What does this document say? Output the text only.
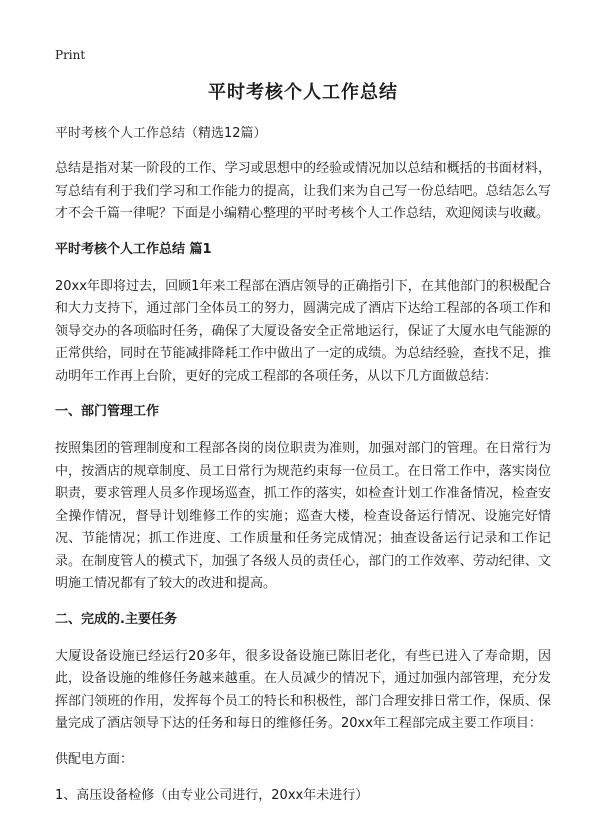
Print
平时考核个人工作总结
平时考核个人工作总结（精选12篇）
总结是指对某一阶段的工作、学习或思想中的经验或情况加以总结和概括的书面材料，写总结有利于我们学习和工作能力的提高，让我们来为自己写一份总结吧。总结怎么写才不会千篇一律呢？下面是小编精心整理的平时考核个人工作总结，欢迎阅读与收藏。
平时考核个人工作总结 篇1
20xx年即将过去，回顾1年来工程部在酒店领导的正确指引下，在其他部门的积极配合和大力支持下，通过部门全体员工的努力，圆满完成了酒店下达给工程部的各项工作和领导交办的各项临时任务，确保了大厦设备安全正常地运行，保证了大厦水电气能源的正常供给，同时在节能减排降耗工作中做出了一定的成绩。为总结经验，查找不足，推动明年工作再上台阶，更好的完成工程部的各项任务，从以下几方面做总结：
一、部门管理工作
按照集团的管理制度和工程部各岗的岗位职责为准则，加强对部门的管理。在日常行为中，按酒店的规章制度、员工日常行为规范约束每一位员工。在日常工作中，落实岗位职责，要求管理人员多作现场巡查，抓工作的落实，如检查计划工作准备情况，检查安全操作情况，督导计划维修工作的实施；巡查大楼，检查设备运行情况、设施完好情况、节能情况；抓工作进度、工作质量和任务完成情况；抽查设备运行记录和工作记录。在制度管人的模式下，加强了各级人员的责任心，部门的工作效率、劳动纪律、文明施工情况都有了较大的改进和提高。
二、完成的.主要任务
大厦设备设施已经运行20多年，很多设备设施已陈旧老化，有些已进入了寿命期，因此，设备设施的维修任务越来越重。在人员减少的情况下，通过加强内部管理，充分发挥部门领班的作用，发挥每个员工的特长和积极性，部门合理安排日常工作，保质、保量完成了酒店领导下达的任务和每日的维修任务。20xx年工程部完成主要工作项目：
供配电方面：
1、高压设备检修（由专业公司进行，20xx年未进行）
